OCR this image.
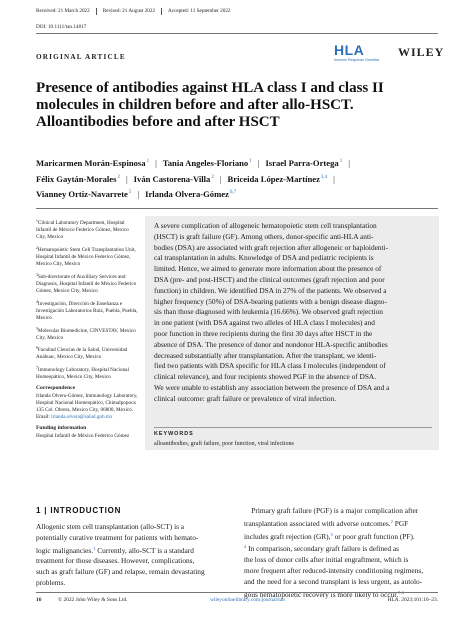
Received: 21 March 2022	Revised: 21 August 2022	Accepted: 11 September 2022
DOI: 10.1111/tan.14817
ORIGINAL ARTICLE	HLA
Immune Response Genetics
WILEY
Presence of antibodies against HLA class I and class II
molecules in children before and after allo-HSCT.
Alloantibodies before and after HSCT
Maricarmen Morán-Espinosa$^1$ | Tania Angeles-Floriano$^1$ | Israel Parra-Ortega$^1$ |
Félix Gaytán-Morales$^2$ | Iván Castorena-Villa$^2$ | Briceida López-Martínez$^{3,4}$ |
Vianney Ortiz-Navarrete$^5$ | Irlanda Olvera-Gómez$^{6,7}$

$^1$Clinical Laboratory Department, Hospital Infantil de México Federico Gómez, Mexico City, Mexico

$^2$Hematopoietic Stem Cell Transplantation Unit, Hospital Infantil de México Federico Gómez, Mexico City, Mexico

$^3$Sub-directorate of Auxilliary Services and Diagnosis, Hospital Infantil de México Federico Gómez, Mexico City, Mexico

$^4$Investigación, Dirección de Enseñanza e Investigación Laboratorios Ruiz, Puebla, Puebla, Mexico

$^5$Molecular Biomedicine, CINVESTAV, Mexico City, Mexico

$^6$Facultad Ciencias de la Salud, Universidad Anáhuac, Mexico City, Mexico

$^7$Immunology Laboratory, Hospital Nacional Homeopático, Mexico City, Mexico

Correspondence

Irlanda Olvera-Gómez, Immunology Laboratory, Hospital Nacional Homeopático, Chimalpopoca 135 Col. Obrera, Mexico City, 06800, Mexico.
Email: irlanda.olvera@salud.gob.mx

Funding information

Hospital Infantil de México Federico Gómez

A severe complication of allogeneic hematopoietic stem cell transplantation
(HSCT) is graft failure (GF). Among others, donor-specific anti-HLA anti-
bodies (DSA) are associated with graft rejection after allogeneic or haploidenti-
cal transplantation in adults. Knowledge of DSA and pediatric recipients is
limited. Hence, we aimed to generate more information about the presence of
DSA (pre- and post-HSCT) and the clinical outcomes (graft rejection and poor
function) in children. We identified DSA in 27% of the patients. We observed a
higher frequency (50%) of DSA-bearing patients with a benign disease diagno-
sis than those diagnosed with leukemia (16.66%). We observed graft rejection
in one patient (with DSA against two alleles of HLA class I molecules) and
poor function in three recipients during the first 30 days after HSCT in the
absence of DSA. The presence of donor and nondonor HLA-specific antibodies
decreased substantially after transplantation. After the transplant, we identi-
fied two patients with DSA specific for HLA class I molecules (independent of
clinical relevance), and four recipients showed PGF in the absence of DSA.
We were unable to establish any association between the presence of DSA and a
clinical outcome: graft failure or prevalence of viral infection.
KEYWORDS
alloantibodies, graft failure, poor function, viral infections
1 | INTRODUCTION
Allogenic stem cell transplantation (allo-SCT) is a
potentially curative treatment for patients with hemato-
logic malignancies.$^1$ Currently, allo-SCT is a standard
treatment for those diseases. However, complications,
such as graft failure (GF) and relapse, remain devastating
problems.
Primary graft failure (PGF) is a major complication after
transplantation associated with adverse outcomes.$^2$ PGF
includes graft rejection (GR),$^3$ or poor graft function (PF).
$^4$ In comparison, secondary graft failure is defined as
the loss of donor cells after initial engraftment, which is
more frequent after reduced-intensity conditioning regimens,
and the need for a second transplant is less urgent, as autolo-
gous hematopoietic recovery is more likely to occur.$^{5,6}$
16	© 2022 John Wiley & Sons Ltd.	wileyonlinelibrary.com/journal/tan	HLA. 2023;101:16–23.
